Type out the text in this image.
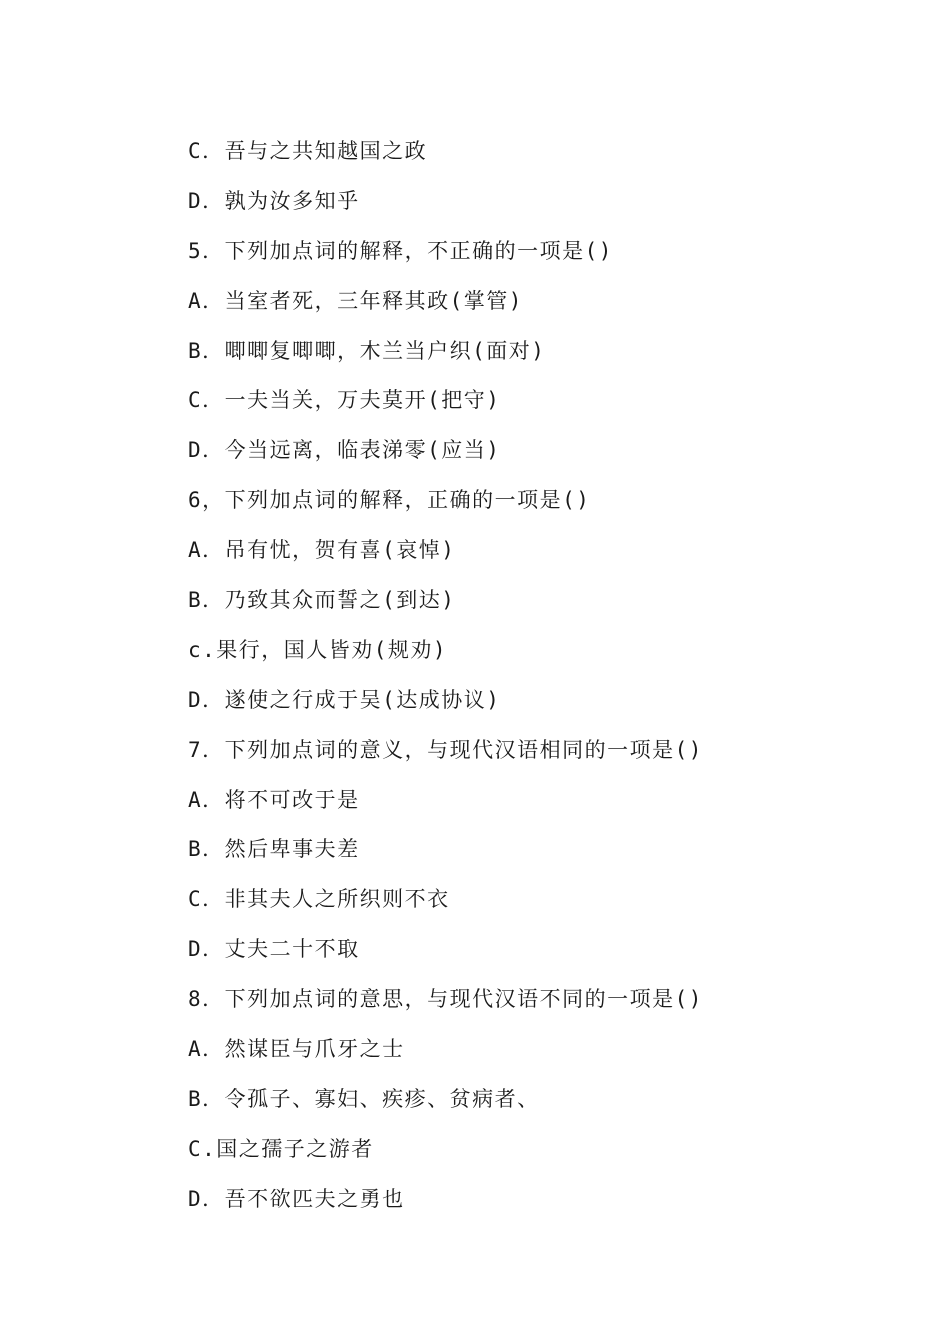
C．吾与之共知越国之政
D．孰为汝多知乎
5．下列加点词的解释，不正确的一项是()
A．当室者死，三年释其政(掌管)
B．唧唧复唧唧，木兰当户织(面对)
C．一夫当关，万夫莫开(把守)
D．今当远离，临表涕零(应当)
6，下列加点词的解释，正确的一项是()
A．吊有忧，贺有喜(哀悼)
B．乃致其众而誓之(到达)
c.果行，国人皆劝(规劝)
D．遂使之行成于吴(达成协议)
7．下列加点词的意义，与现代汉语相同的一项是()
A．将不可改于是
B．然后卑事夫差
C．非其夫人之所织则不衣
D．丈夫二十不取
8．下列加点词的意思，与现代汉语不同的一项是()
A．然谋臣与爪牙之士
B．令孤子、寡妇、疾疹、贫病者、
C.国之孺子之游者
D．吾不欲匹夫之勇也
